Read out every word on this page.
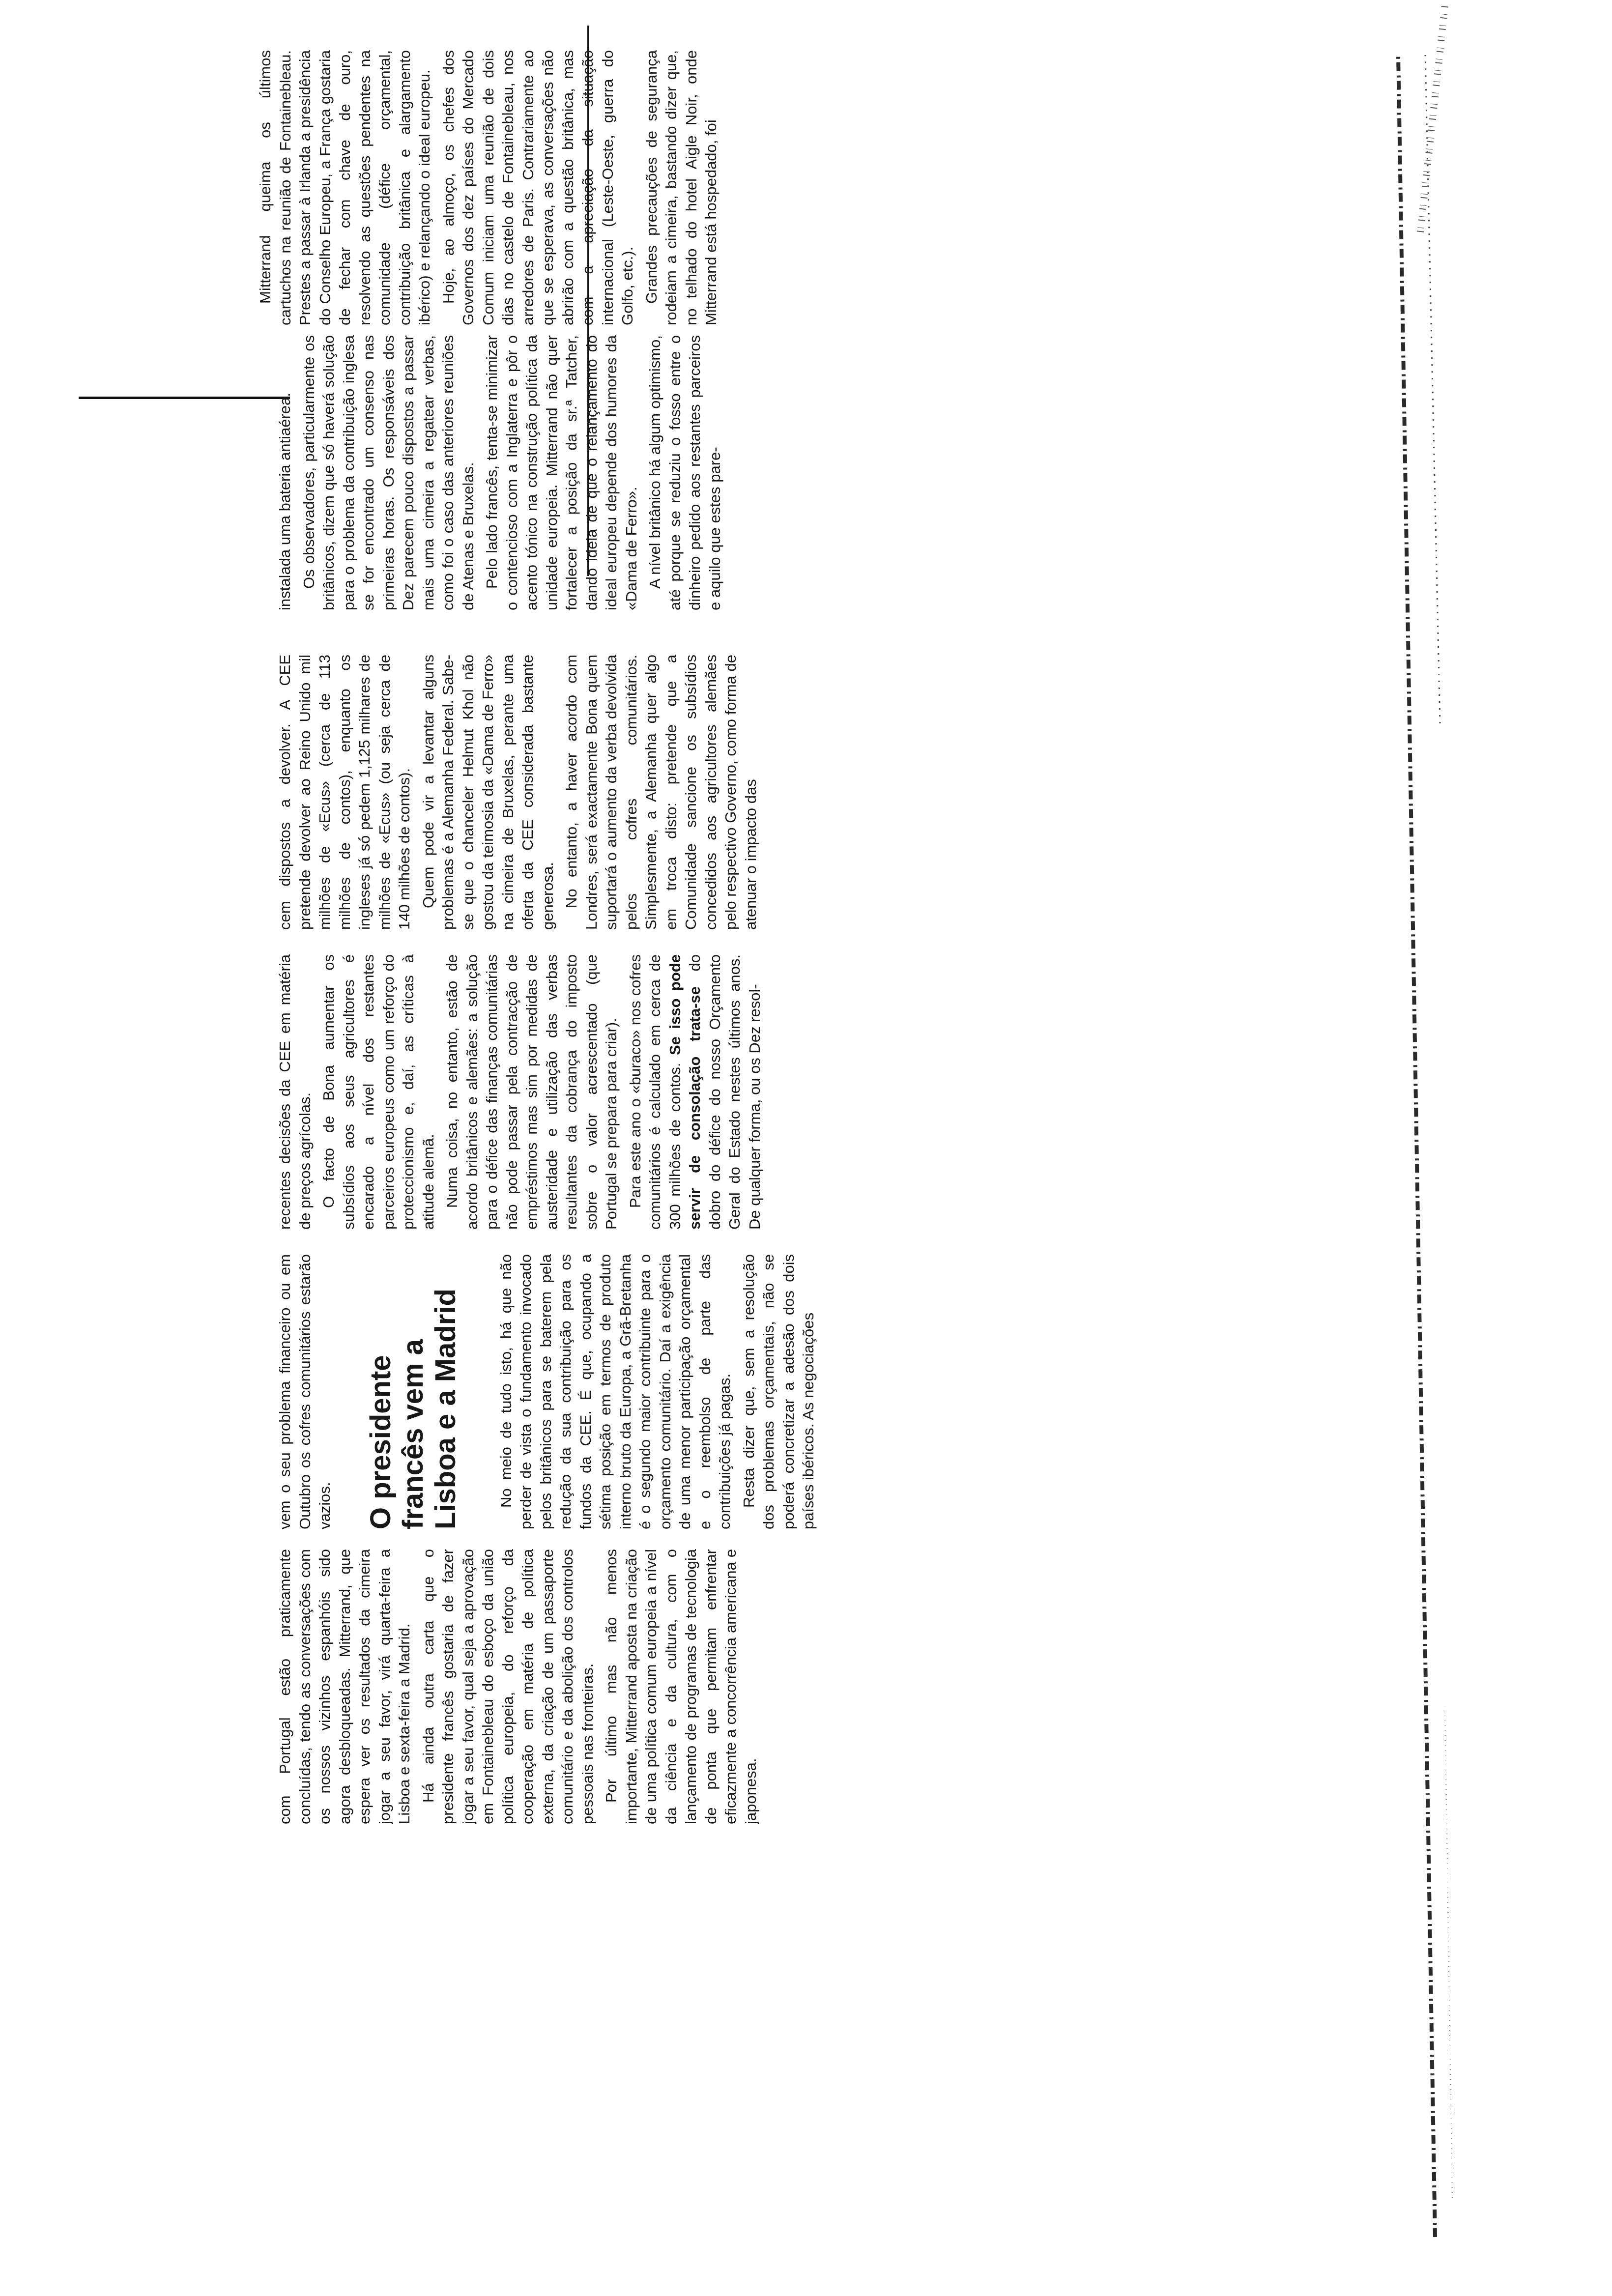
Mitterrand queima os últimos cartuchos na reunião de Fontainebleau. Prestes a passar à Irlanda a presidência do Conselho Europeu, a França gostaria de fechar com chave de ouro, resolvendo as questões pendentes na comunidade (défice orçamental, contribuição britânica e alargamento ibérico) e relançando o ideal europeu. Hoje, ao almoço, os chefes dos Governos dos dez países do Mercado Comum iniciam uma reunião de dois dias no castelo de Fontainebleau, nos arredores de Paris. Contrariamente ao que se esperava, as conversações não abrirão com a questão britânica, mas com a apreciação da situação internacional (Leste-Oeste, guerra do Golfo, etc.). Grandes precauções de segurança rodeiam a cimeira, bastando dizer que, no telhado do hotel Aigle Noir, onde Mitterrand está hospedado, foi

instalada uma bateria antiaérea. Os observadores, particularmente os britânicos, dizem que só haverá solução para o problema da contribuição inglesa se for encontrado um consenso nas primeiras horas. Os responsáveis dos Dez parecem pouco dispostos a passar mais uma cimeira a regatear verbas, como foi o caso das anteriores reuniões de Atenas e Bruxelas. Pelo lado francês, tenta-se minimizar o contencioso com a Inglaterra e pôr o acento tónico na construção política da unidade europeia. Mitterrand não quer fortalecer a posição da sr.ª Tatcher, dando ideia de que o relançamento do ideal europeu depende dos humores da «Dama de Ferro». A nível britânico há algum optimismo, até porque se reduziu o fosso entre o dinheiro pedido aos restantes parceiros e aquilo que estes pare-

cem dispostos a devolver. A CEE pretende devolver ao Reino Unido mil milhões de «Ecus» (cerca de 113 milhões de contos), enquanto os ingleses já só pedem 1,125 milhares de milhões de «Ecus» (ou seja cerca de 140 milhões de contos). Quem pode vir a levantar alguns problemas é a Alemanha Federal. Sabe-se que o chanceler Helmut Khol não gostou da teimosia da «Dama de Ferro» na cimeira de Bruxelas, perante uma oferta da CEE considerada bastante generosa. No entanto, a haver acordo com Londres, será exactamente Bona quem suportará o aumento da verba devolvida pelos cofres comunitários. Simplesmente, a Alemanha quer algo em troca disto: pretende que a Comunidade sancione os subsídios concedidos aos agricultores alemães pelo respectivo Governo, como forma de atenuar o impacto das

recentes decisões da CEE em matéria de preços agrícolas. O facto de Bona aumentar os subsídios aos seus agricultores é encarado a nível dos restantes parceiros europeus como um reforço do proteccionismo e, daí, as críticas à atitude alemã. Numa coisa, no entanto, estão de acordo britânicos e alemães: a solução para o défice das finanças comunitárias não pode passar pela contracção de empréstimos mas sim por medidas de austeridade e utilização das verbas resultantes da cobrança do imposto sobre o valor acrescentado (que Portugal se prepara para criar). Para este ano o «buraco» nos cofres comunitários é calculado em cerca de 300 milhões de contos. Se isso pode servir de consolação trata-se do dobro do défice do nosso Orçamento Geral do Estado nestes últimos anos. De qualquer forma, ou os Dez resol-

vem o seu problema financeiro ou em Outubro os cofres comunitários estarão vazios. O presidente francês vem a Lisboa e a Madrid No meio de tudo isto, há que não perder de vista o fundamento invocado pelos britânicos para se baterem pela redução da sua contribuição para os fundos da CEE. É que, ocupando a sétima posição em termos de produto interno bruto da Europa, a Grã-Bretanha é o segundo maior contribuinte para o orçamento comunitário. Daí a exigência de uma menor participação orçamental e o reembolso de parte das contribuições já pagas. Resta dizer que, sem a resolução dos problemas orçamentais, não se poderá concretizar a adesão dos dois países ibéricos. As negociações

com Portugal estão praticamente concluídas, tendo as conversações com os nossos vizinhos espanhóis sido agora desbloqueadas. Mitterrand, que espera ver os resultados da cimeira jogar a seu favor, virá quarta-feira a Lisboa e sexta-feira a Madrid. Há ainda outra carta que o presidente francês gostaria de fazer jogar a seu favor, qual seja a aprovação em Fontainebleau do esboço da união política europeia, do reforço da cooperação em matéria de política externa, da criação de um passaporte comunitário e da abolição dos controlos pessoais nas fronteiras. Por último mas não menos importante, Mitterrand aposta na criação de uma política comum europeia a nível da ciência e da cultura, com o lançamento de programas de tecnologia de ponta que permitam enfrentar eficazmente a concorrência americana e japonesa.
